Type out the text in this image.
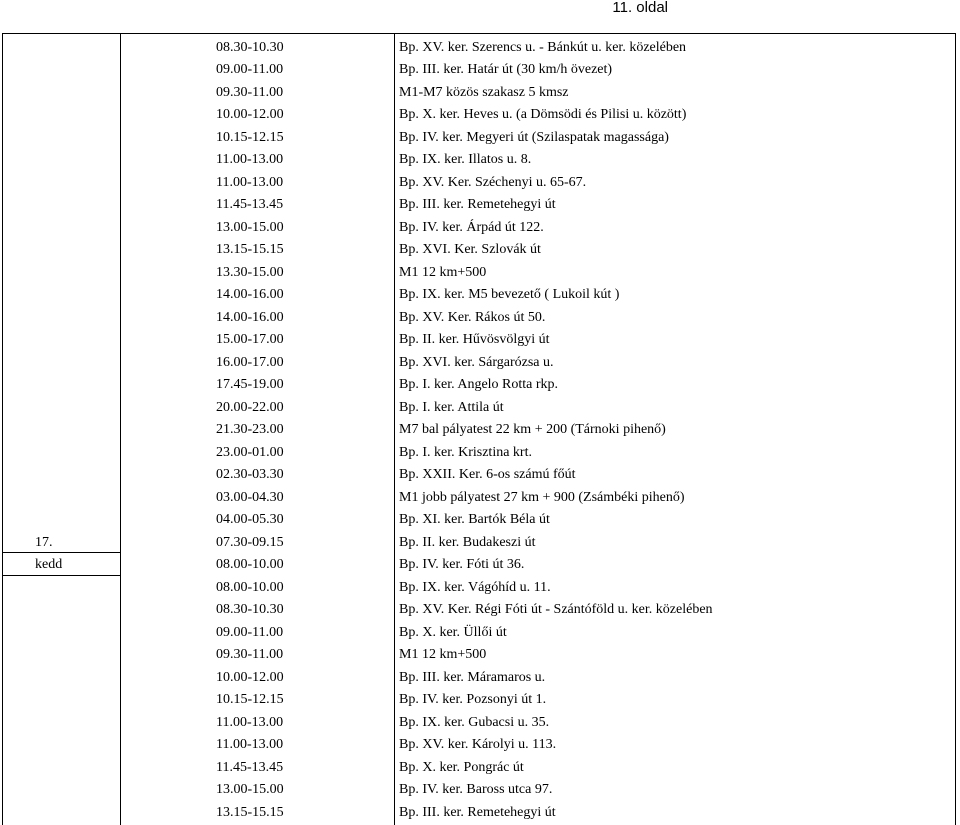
11. oldal
	08.30-10.30	Bp. XV. ker. Szerencs u. - Bánkút u. ker. közelében
	09.00-11.00	Bp. III. ker. Határ út (30 km/h övezet)
	09.30-11.00	M1-M7 közös szakasz 5 kmsz
	10.00-12.00	Bp. X. ker. Heves u. (a Dömsödi és Pilisi u. között)
	10.15-12.15	Bp. IV. ker. Megyeri út (Szilaspatak magassága)
	11.00-13.00	Bp. IX. ker. Illatos u. 8.
	11.00-13.00	Bp. XV. Ker. Széchenyi u. 65-67.
	11.45-13.45	Bp. III. ker. Remetehegyi út
	13.00-15.00	Bp. IV. ker. Árpád út 122.
	13.15-15.15	Bp. XVI. Ker. Szlovák út
	13.30-15.00	M1 12 km+500
	14.00-16.00	Bp. IX. ker. M5 bevezető ( Lukoil kút )
	14.00-16.00	Bp. XV. Ker. Rákos út 50.
	15.00-17.00	Bp. II. ker. Hűvösvölgyi út
	16.00-17.00	Bp. XVI. ker. Sárgarózsa u.
	17.45-19.00	Bp. I. ker. Angelo Rotta rkp.
	20.00-22.00	Bp. I. ker. Attila út
	21.30-23.00	M7 bal pályatest 22 km + 200 (Tárnoki pihenő)
	23.00-01.00	Bp. I. ker. Krisztina krt.
	02.30-03.30	Bp. XXII. Ker. 6-os számú főút
	03.00-04.30	M1 jobb pályatest 27 km + 900 (Zsámbéki pihenő)
	04.00-05.30	Bp. XI. ker. Bartók Béla út
17.	07.30-09.15	Bp. II. ker. Budakeszi út
kedd	08.00-10.00	Bp. IV. ker. Fóti út 36.
	08.00-10.00	Bp. IX. ker. Vágóhíd u. 11.
	08.30-10.30	Bp. XV. Ker. Régi Fóti út - Szántóföld u. ker. közelében
	09.00-11.00	Bp. X. ker. Üllői út
	09.30-11.00	M1 12 km+500
	10.00-12.00	Bp. III. ker. Máramaros u.
	10.15-12.15	Bp. IV. ker. Pozsonyi út 1.
	11.00-13.00	Bp. IX. ker. Gubacsi u. 35.
	11.00-13.00	Bp. XV. ker. Károlyi u. 113.
	11.45-13.45	Bp. X. ker. Pongrác út
	13.00-15.00	Bp. IV. ker. Baross utca 97.
	13.15-15.15	Bp. III. ker. Remetehegyi út
